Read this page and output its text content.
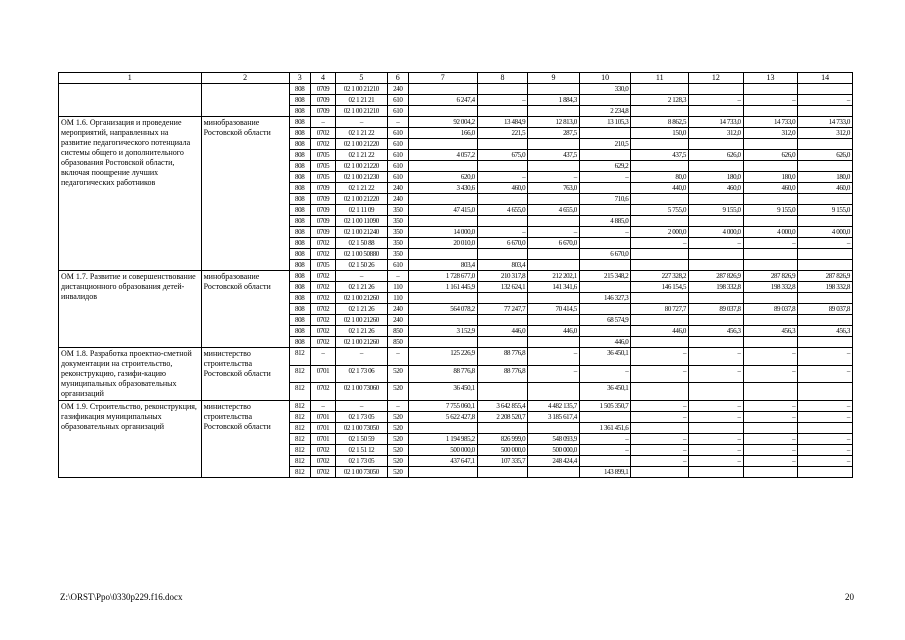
1	2	3	4	5	6	7	8	9	10	11	12	13	14
		808	0709	02 1 00 21210	240				330,0				
		808	0709	02 1 21 21	610	6 247,4	–	1 884,3		2 128,3	–	–	–
		808	0709	02 1 00 21210	610				2 234,8				
ОМ 1.6. Организация и проведение мероприятий, направленных на развитие педагогического потенциала системы общего и дополнительного образования Ростовской области, включая поощрение лучших педагогических работников	минобразование Ростовской области	808	–	–	–	92 004,2	13 484,9	12 813,0	13 105,3	8 862,5	14 733,0	14 733,0	14 733,0
		808	0702	02 1 21 22	610	166,0	221,5	287,5		150,0	312,0	312,0	312,0
		808	0702	02 1 00 21220	610				210,5				
		808	0705	02 1 21 22	610	4 057,2	675,0	437,5		437,5	626,0	626,0	626,0
		808	0705	02 1 00 21220	610				629,2				
		808	0705	02 1 00 21230	610	620,0	–	–	–	80,0	180,0	180,0	180,0
		808	0709	02 1 21 22	240	3 430,6	460,0	763,0		440,0	460,0	460,0	460,0
		808	0709	02 1 00 21220	240				710,6				
		808	0709	02 1 11 09	350	47 415,0	4 655,0	4 655,0		5 755,0	9 155,0	9 155,0	9 155,0
		808	0709	02 1 00 11090	350				4 885,0				
		808	0709	02 1 00 21240	350	14 000,0	–	–	–	2 000,0	4 000,0	4 000,0	4 000,0
		808	0702	02 1 50 88	350	20 010,0	6 670,0	6 670,0		–	–	–	–
		808	0702	02 1 00 50880	350				6 670,0				
		808	0705	02 1 50 26	610	803,4	803,4						
ОМ 1.7. Развитие и совершенствование дистанционного образования детей-инвалидов	минобразование Ростовской области	808	0702	–	–	1 728 677,0	210 317,8	212 202,1	215 348,2	227 328,2	287 826,9	287 826,9	287 826,9
		808	0702	02 1 21 26	110	1 161 445,9	132 624,1	141 341,6		146 154,5	198 332,8	198 332,8	198 332,8
		808	0702	02 1 00 21260	110				146 327,3				
		808	0702	02 1 21 26	240	564 078,2	77 247,7	70 414,5		80 727,7	89 037,8	89 037,8	89 037,8
		808	0702	02 1 00 21260	240				68 574,9				
		808	0702	02 1 21 26	850	3 152,9	446,0	446,0		446,0	456,3	456,3	456,3
		808	0702	02 1 00 21260	850				446,0				
ОМ 1.8. Разработка проектно-сметной документации на строительство, реконструкцию, газифи-кацию муниципальных образовательных организаций	министерство строительства Ростовской области	812	–	–	–	125 226,9	88 776,8	–	36 450,1	–	–	–	–
		812	0701	02 1 73 06	520	88 776,8	88 776,8	–	–	–	–	–	–
		812	0702	02 1 00 73060	520	36 450,1			36 450,1				
ОМ 1.9. Строительство, реконструкция, газификация муниципальных образовательных организаций	министерство строительства Ростовской области	812	–	–	–	7 755 060,1	3 642 855,4	4 482 135,7	1 505 350,7	–	–	–	–
		812	0701	02 1 73 05	520	5 622 427,8	2 208 520,7	3 185 617,4		–	–	–	–
		812	0701	02 1 00 73050	520				1 361 451,6				
		812	0701	02 1 50 59	520	1 194 985,2	826 999,0	548 093,9	–	–	–	–	–
		812	0702	02 1 51 12	520	500 000,0	500 000,0	500 000,0	–	–	–	–	–
		812	0702	02 1 73 05	520	437 647,1	107 335,7	248 424,4		–	–	–	–
		812	0702	02 1 00 73050	520				143 899,1				
Z:\ORST\Ppo\0330p229.f16.docx	20
